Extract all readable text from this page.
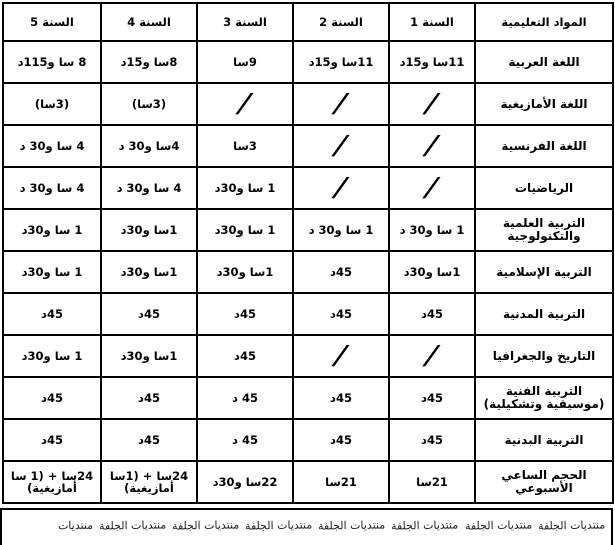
المواد التعليمية	السنة 1	السنة 2	السنة 3	السنة 4	السنة 5
اللغة العربية	11سا و15د	11سا و15د	9سا	8سا و15د	8 سا و115د
اللغة الأمازيغية	/	/	/	(3سا)	(3سا)
اللغة الفرنسية	/	/	3سا	4سا و30 د	4 سا و30 د
الرياضيات	/	/	1 سا و30د	4 سا و30 د	4 سا و30 د
التربية العلمية والتكنولوجية	1 سا و30 د	1 سا و30 د	1 سا و30د	1سا و30د	1 سا و30د
التربية الإسلامية	1سا و30د	45د	1سا و30د	1سا و30د	1 سا و30د
التربية المدنية	45د	45د	45د	45د	45د
التاريخ والجغرافيا	/	/	45د	1سا و30د	1 سا و30د
التربية الفنية (موسيقية وتشكيلية)	45د	45د	45 د	45د	45د
التربية البدنية	45د	45د	45 د	45د	45د
الحجم الساعي الأسبوعي	21سا	21سا	22سا و30د	24سا + (1سا أمازيغية)	24سا + (1 سا أمازيغية)
منتديات الجلفةمنتديات الجلفةمنتديات الجلفةمنتديات الجلفةمنتديات الجلفةمنتديات الجلفةمنتديات الجلفةمنتديات
